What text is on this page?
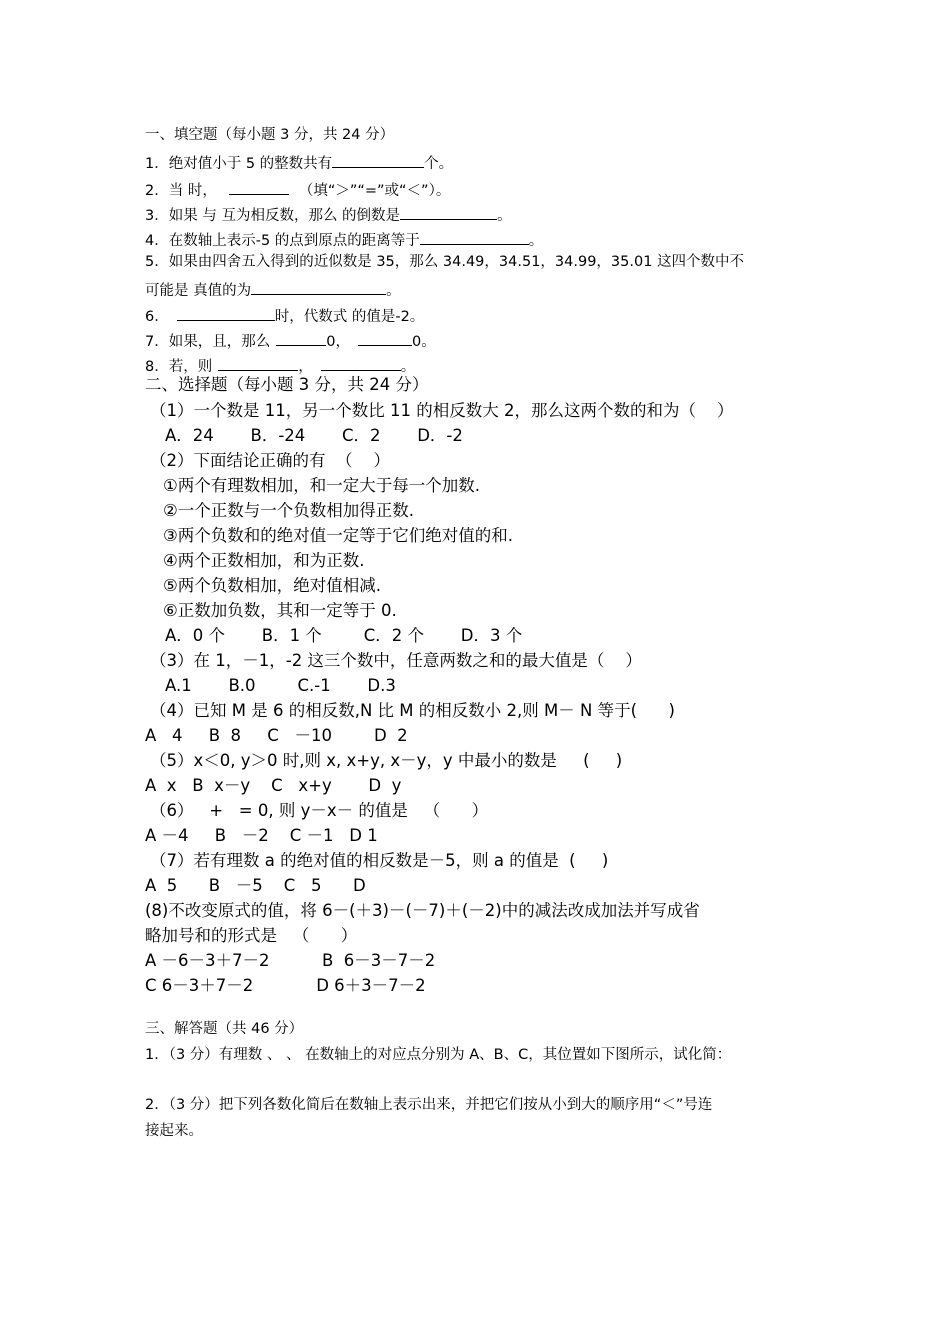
一、填空题（每小题 3 分，共 24 分）
1．绝对值小于 5 的整数共有	个。
2．当 时，	（填“＞”“=”或“＜”）。
3．如果 与 互为相反数，那么 的倒数是	。
4．在数轴上表示-5 的点到原点的距离等于	。
5．如果由四舍五入得到的近似数是 35，那么 34.49，34.51，34.99，35.01 这四个数中不
可能是 真值的为	。
6．	时，代数式 的值是-2。
7．如果，且，那么	0，	0。
8．若，则	，	。
二、选择题（每小题 3 分，共 24 分）
（1）一个数是 11，另一个数比 11 的相反数大 2，那么这两个数的和为（    ）
A．24       B．-24       C．2       D．-2
（2）下面结论正确的有  （    ）
①两个有理数相加，和一定大于每一个加数.
②一个正数与一个负数相加得正数.
③两个负数和的绝对值一定等于它们绝对值的和.
④两个正数相加，和为正数.
⑤两个负数相加，绝对值相减.
⑥正数加负数，其和一定等于 0.
A．0 个       B．1 个        C．2 个       D．3 个
（3）在 1，－1，-2 这三个数中，任意两数之和的最大值是（    ）
A.1       B.0        C.-1       D.3
（4）已知 M 是 6 的相反数,N 比 M 的相反数小 2,则 M－ N 等于(      )
A   4     B  8     C   －10        D  2
（5）x＜0, y＞0 时,则 x, x+y, x－y，y 中最小的数是     (     )
A  x   B  x－y    C   x+y       D  y
（6）   +   = 0, 则 y－x－ 的值是   （      ）
A －4     B   －2    C －1   D 1
（7）若有理数 a 的绝对值的相反数是－5，则 a 的值是  (     )
A  5      B   －5    C   5      D
(8)不改变原式的值，将 6－(＋3)－(－7)＋(－2)中的减法改成加法并写成省
略加号和的形式是   （      ）
A －6－3＋7－2          B  6－3－7－2
C 6－3＋7－2            D 6＋3－7－2
三、解答题（共 46 分）
1．（3 分）有理数 、 、 在数轴上的对应点分别为 A、B、C，其位置如下图所示，试化简：
2．（3 分）把下列各数化简后在数轴上表示出来，并把它们按从小到大的顺序用“＜”号连
接起来。
